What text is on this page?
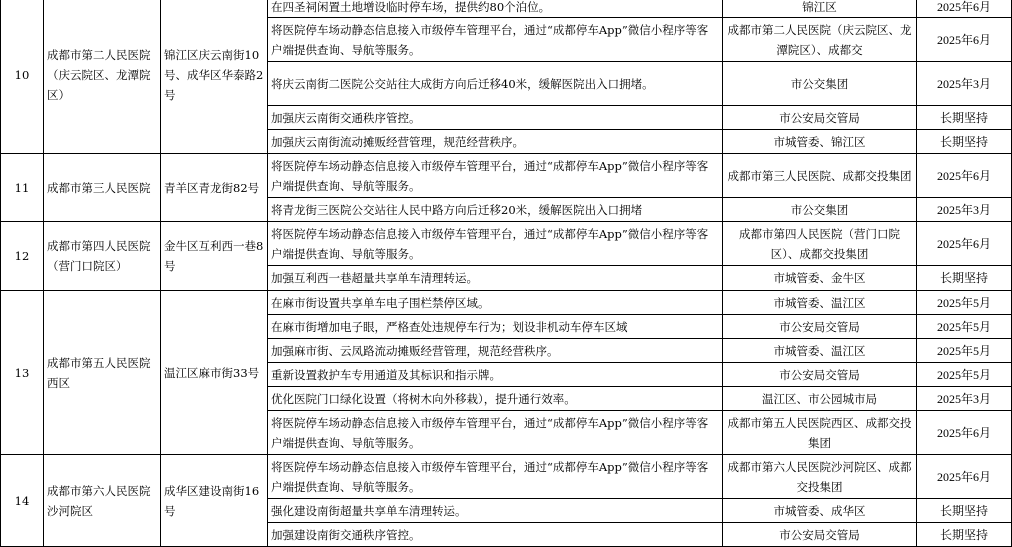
10	成都市第二人民医院（庆云院区、龙潭院区）	锦江区庆云南街10号、成华区华泰路2号	在四圣祠闲置土地增设临时停车场，提供约80个泊位。	锦江区	2025年6月
			将医院停车场动静态信息接入市级停车管理平台，通过“成都停车App”微信小程序等客户端提供查询、导航等服务。	成都市第二人民医院（庆云院区、龙潭院区）、成都交	2025年6月
			将庆云南街二医院公交站往大成街方向后迁移40米，缓解医院出入口拥堵。	市公交集团	2025年3月
			加强庆云南街交通秩序管控。	市公安局交管局	长期坚持
			加强庆云南街流动摊贩经营管理，规范经营秩序。	市城管委、锦江区	长期坚持
11	成都市第三人民医院	青羊区青龙街82号	将医院停车场动静态信息接入市级停车管理平台，通过“成都停车App”微信小程序等客户端提供查询、导航等服务。	成都市第三人民医院、成都交投集团	2025年6月
			将青龙街三医院公交站往人民中路方向后迁移20米，缓解医院出入口拥堵	市公交集团	2025年3月
12	成都市第四人民医院（营门口院区）	金牛区互利西一巷8号	将医院停车场动静态信息接入市级停车管理平台，通过“成都停车App”微信小程序等客户端提供查询、导航等服务。	成都市第四人民医院（营门口院区）、成都交投集团	2025年6月
			加强互利西一巷超量共享单车清理转运。	市城管委、金牛区	长期坚持
13	成都市第五人民医院西区	温江区麻市街33号	在麻市街设置共享单车电子围栏禁停区域。	市城管委、温江区	2025年5月
			在麻市街增加电子眼，严格查处违规停车行为；划设非机动车停车区域	市公安局交管局	2025年5月
			加强麻市街、云凤路流动摊贩经营管理，规范经营秩序。	市城管委、温江区	2025年5月
			重新设置救护车专用通道及其标识和指示牌。	市公安局交管局	2025年5月
			优化医院门口绿化设置（将树木向外移栽），提升通行效率。	温江区、市公园城市局	2025年3月
			将医院停车场动静态信息接入市级停车管理平台，通过“成都停车App”微信小程序等客户端提供查询、导航等服务。	成都市第五人民医院西区、成都交投集团	2025年6月
14	成都市第六人民医院沙河院区	成华区建设南街16号	将医院停车场动静态信息接入市级停车管理平台，通过“成都停车App”微信小程序等客户端提供查询、导航等服务。	成都市第六人民医院沙河院区、成都交投集团	2025年6月
			强化建设南街超量共享单车清理转运。	市城管委、成华区	长期坚持
			加强建设南街交通秩序管控。	市公安局交管局	长期坚持
